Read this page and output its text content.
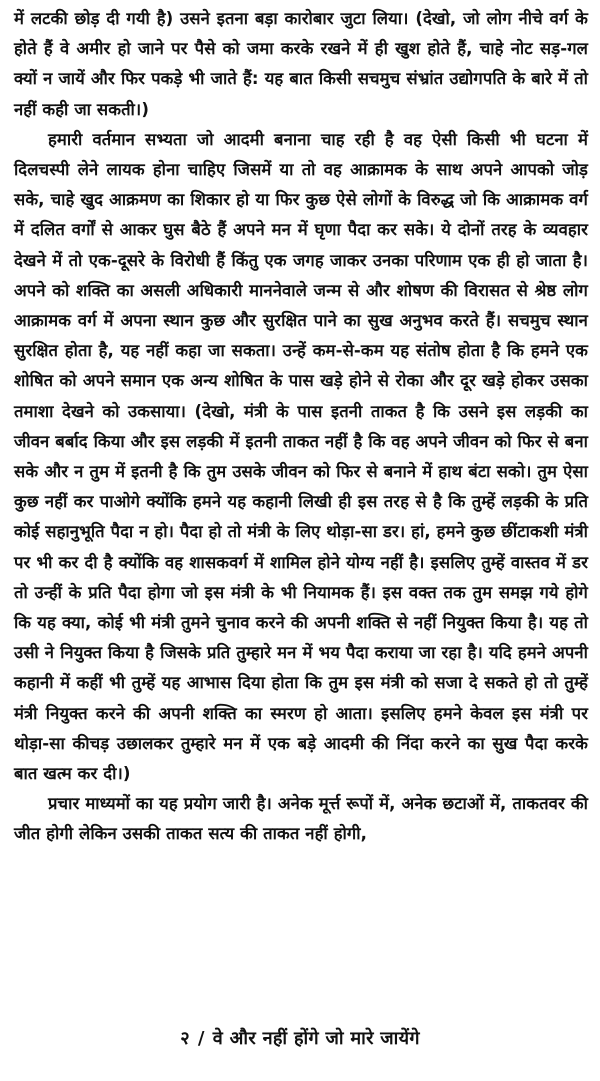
में लटकी छोड़ दी गयी है) उसने इतना बड़ा कारोबार जुटा लिया। (देखो, जो लोग नीचे वर्ग के होते हैं वे अमीर हो जाने पर पैसे को जमा करके रखने में ही खुश होते हैं, चाहे नोट सड़-गल क्यों न जायें और फिर पकड़े भी जाते हैं: यह बात किसी सचमुच संभ्रांत उद्योगपति के बारे में तो नहीं कही जा सकती।)

हमारी वर्तमान सभ्यता जो आदमी बनाना चाह रही है वह ऐसी किसी भी घटना में दिलचस्पी लेने लायक होना चाहिए जिसमें या तो वह आक्रामक के साथ अपने आपको जोड़ सके, चाहे खुद आक्रमण का शिकार हो या फिर कुछ ऐसे लोगों के विरुद्ध जो कि आक्रामक वर्ग में दलित वर्गों से आकर घुस बैठे हैं अपने मन में घृणा पैदा कर सके। ये दोनों तरह के व्यवहार देखने में तो एक-दूसरे के विरोधी हैं किंतु एक जगह जाकर उनका परिणाम एक ही हो जाता है। अपने को शक्ति का असली अधिकारी माननेवाले जन्म से और शोषण की विरासत से श्रेष्ठ लोग आक्रामक वर्ग में अपना स्थान कुछ और सुरक्षित पाने का सुख अनुभव करते हैं। सचमुच स्थान सुरक्षित होता है, यह नहीं कहा जा सकता। उन्हें कम-से-कम यह संतोष होता है कि हमने एक शोषित को अपने समान एक अन्य शोषित के पास खड़े होने से रोका और दूर खड़े होकर उसका तमाशा देखने को उकसाया। (देखो, मंत्री के पास इतनी ताकत है कि उसने इस लड़की का जीवन बर्बाद किया और इस लड़की में इतनी ताकत नहीं है कि वह अपने जीवन को फिर से बना सके और न तुम में इतनी है कि तुम उसके जीवन को फिर से बनाने में हाथ बंटा सको। तुम ऐसा कुछ नहीं कर पाओगे क्योंकि हमने यह कहानी लिखी ही इस तरह से है कि तुम्हें लड़की के प्रति कोई सहानुभूति पैदा न हो। पैदा हो तो मंत्री के लिए थोड़ा-सा डर। हां, हमने कुछ छींटाकशी मंत्री पर भी कर दी है क्योंकि वह शासकवर्ग में शामिल होने योग्य नहीं है। इसलिए तुम्हें वास्तव में डर तो उन्हीं के प्रति पैदा होगा जो इस मंत्री के भी नियामक हैं। इस वक्त तक तुम समझ गये होगे कि यह क्या, कोई भी मंत्री तुमने चुनाव करने की अपनी शक्ति से नहीं नियुक्त किया है। यह तो उसी ने नियुक्त किया है जिसके प्रति तुम्हारे मन में भय पैदा कराया जा रहा है। यदि हमने अपनी कहानी में कहीं भी तुम्हें यह आभास दिया होता कि तुम इस मंत्री को सजा दे सकते हो तो तुम्हें मंत्री नियुक्त करने की अपनी शक्ति का स्मरण हो आता। इसलिए हमने केवल इस मंत्री पर थोड़ा-सा कीचड़ उछालकर तुम्हारे मन में एक बड़े आदमी की निंदा करने का सुख पैदा करके बात खत्म कर दी।)

प्रचार माध्यमों का यह प्रयोग जारी है। अनेक मूर्त्त रूपों में, अनेक छटाओं में, ताकतवर की जीत होगी लेकिन उसकी ताकत सत्य की ताकत नहीं होगी,

२ / वे और नहीं होंगे जो मारे जायेंगे
